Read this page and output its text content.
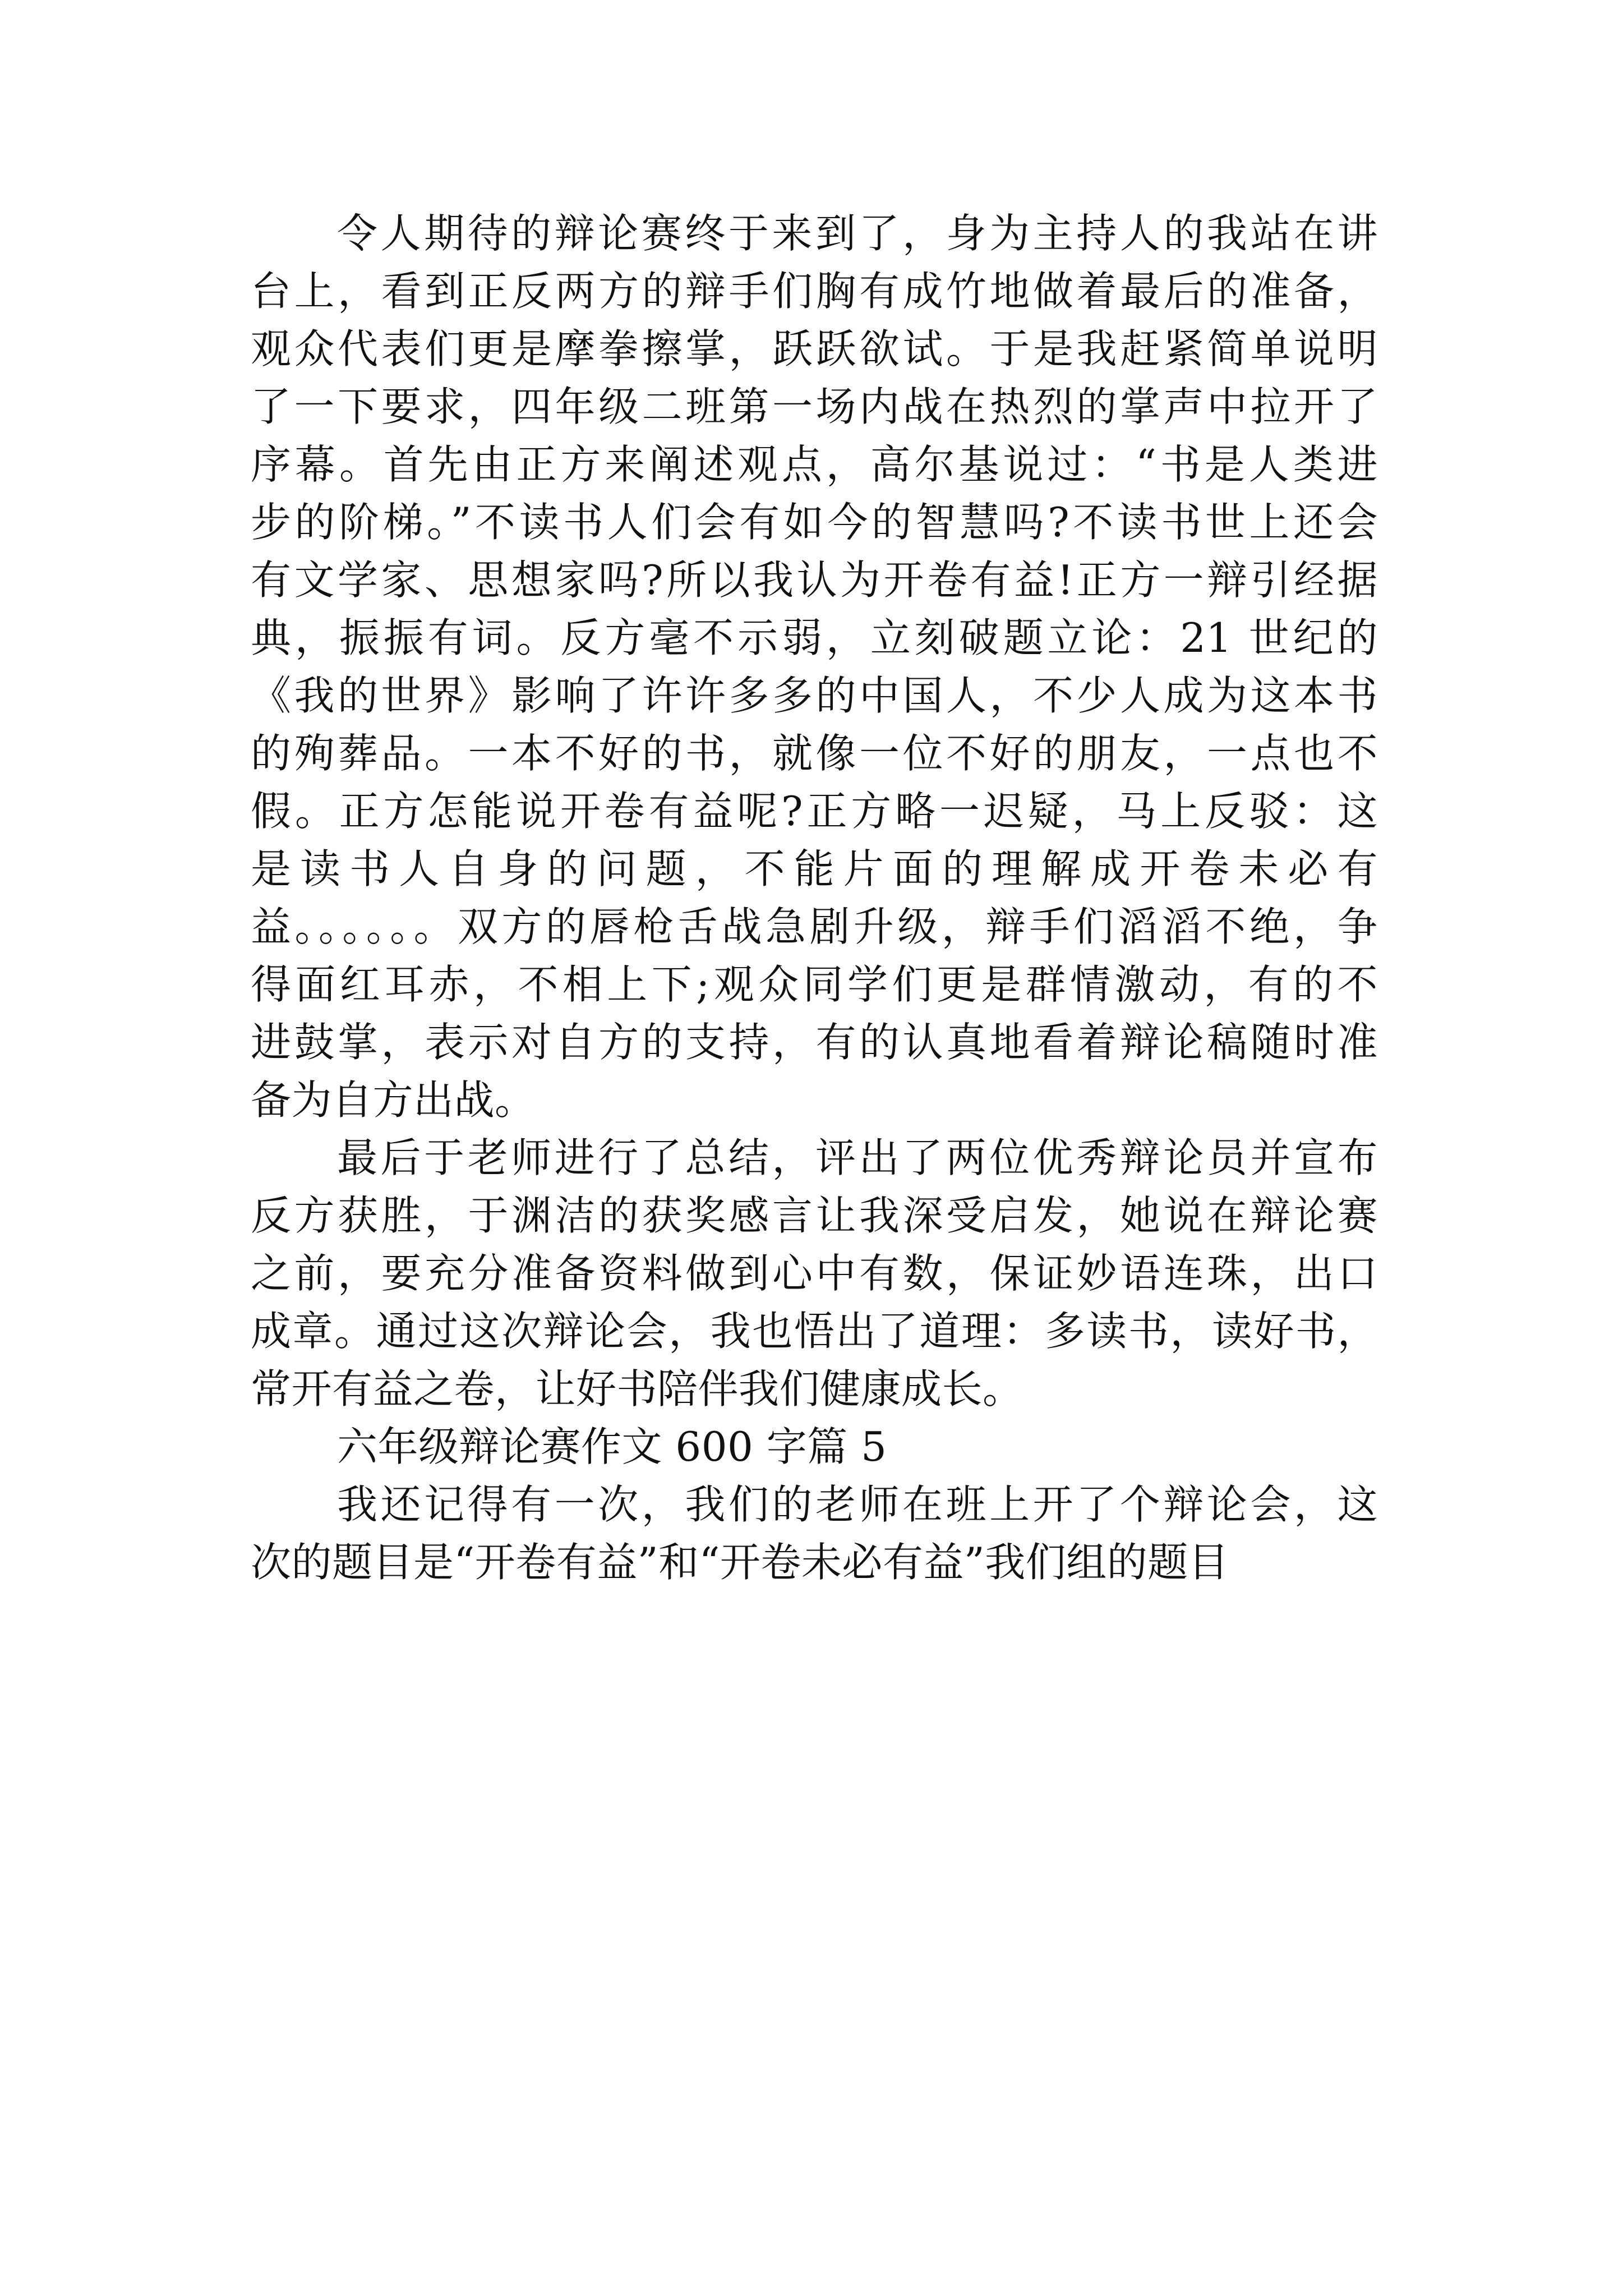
令人期待的辩论赛终于来到了，身为主持人的我站在讲
台上，看到正反两方的辩手们胸有成竹地做着最后的准备，
观众代表们更是摩拳擦掌，跃跃欲试。于是我赶紧简单说明
了一下要求，四年级二班第一场内战在热烈的掌声中拉开了
序幕。首先由正方来阐述观点，高尔基说过：“书是人类进
步的阶梯。”不读书人们会有如今的智慧吗?不读书世上还会
有文学家、思想家吗?所以我认为开卷有益!正方一辩引经据
典，振振有词。反方毫不示弱，立刻破题立论：21 世纪的
《我的世界》影响了许许多多的中国人，不少人成为这本书
的殉葬品。一本不好的书，就像一位不好的朋友，一点也不
假。正方怎能说开卷有益呢?正方略一迟疑，马上反驳：这
是读书人自身的问题，不能片面的理解成开卷未必有
益。。。。。。双方的唇枪舌战急剧升级，辩手们滔滔不绝，争
得面红耳赤，不相上下;观众同学们更是群情激动，有的不
进鼓掌，表示对自方的支持，有的认真地看着辩论稿随时准
备为自方出战。
最后于老师进行了总结，评出了两位优秀辩论员并宣布
反方获胜，于渊洁的获奖感言让我深受启发，她说在辩论赛
之前，要充分准备资料做到心中有数，保证妙语连珠，出口
成章。通过这次辩论会，我也悟出了道理：多读书，读好书，
常开有益之卷，让好书陪伴我们健康成长。
六年级辩论赛作文 600 字篇 5
我还记得有一次，我们的老师在班上开了个辩论会，这
次的题目是“开卷有益”和“开卷未必有益”我们组的题目
